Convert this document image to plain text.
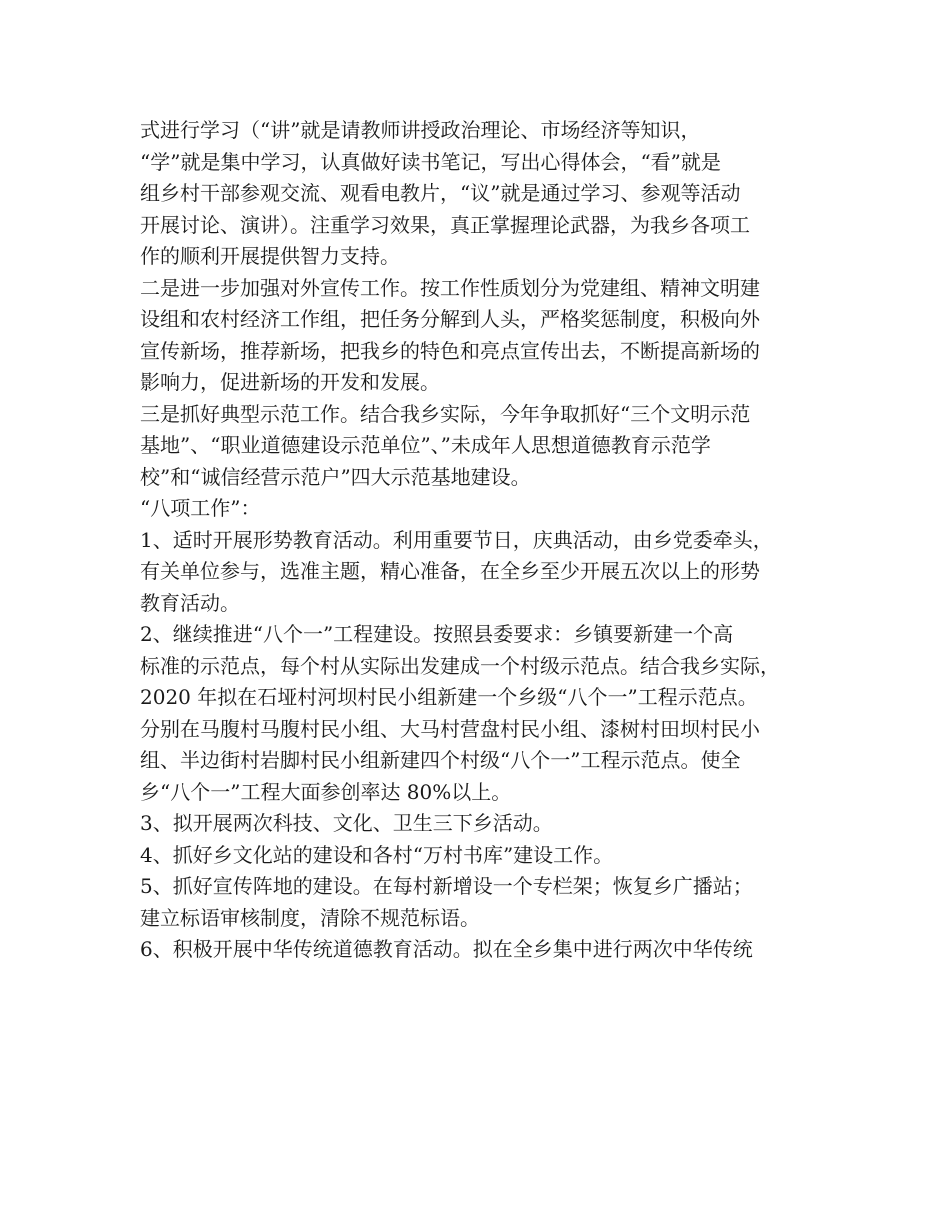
式进行学习（“讲”就是请教师讲授政治理论、市场经济等知识，
“学”就是集中学习，认真做好读书笔记，写出心得体会，“看”就是
组乡村干部参观交流、观看电教片，“议”就是通过学习、参观等活动
开展讨论、演讲）。注重学习效果，真正掌握理论武器，为我乡各项工
作的顺利开展提供智力支持。
二是进一步加强对外宣传工作。按工作性质划分为党建组、精神文明建
设组和农村经济工作组，把任务分解到人头，严格奖惩制度，积极向外
宣传新场，推荐新场，把我乡的特色和亮点宣传出去，不断提高新场的
影响力，促进新场的开发和发展。
三是抓好典型示范工作。结合我乡实际，今年争取抓好“三个文明示范
基地”、“职业道德建设示范单位”、”未成年人思想道德教育示范学
校”和“诚信经营示范户”四大示范基地建设。
“八项工作”：
1、适时开展形势教育活动。利用重要节日，庆典活动，由乡党委牵头，
有关单位参与，选准主题，精心准备，在全乡至少开展五次以上的形势
教育活动。
2、继续推进“八个一”工程建设。按照县委要求：乡镇要新建一个高
标准的示范点，每个村从实际出发建成一个村级示范点。结合我乡实际，
2020 年拟在石垭村河坝村民小组新建一个乡级“八个一”工程示范点。
分别在马腹村马腹村民小组、大马村营盘村民小组、漆树村田坝村民小
组、半边街村岩脚村民小组新建四个村级“八个一”工程示范点。使全
乡“八个一”工程大面参创率达 80%以上。
3、拟开展两次科技、文化、卫生三下乡活动。
4、抓好乡文化站的建设和各村“万村书库”建设工作。
5、抓好宣传阵地的建设。在每村新增设一个专栏架；恢复乡广播站；
建立标语审核制度，清除不规范标语。
6、积极开展中华传统道德教育活动。拟在全乡集中进行两次中华传统
